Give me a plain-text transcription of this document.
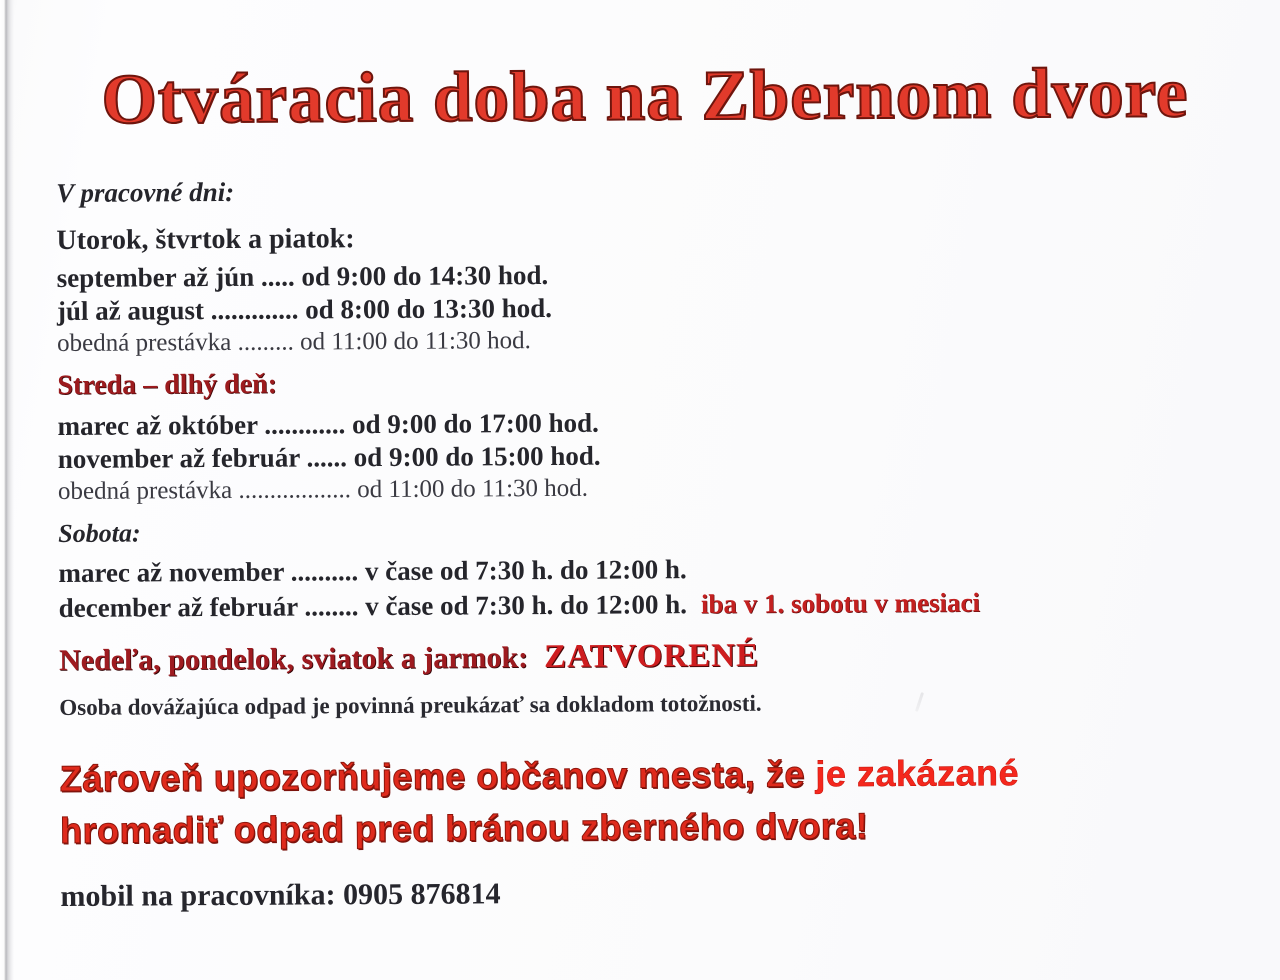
Otváracia doba na Zbernom dvore

V pracovné dni:

Utorok, štvrtok a piatok:

september až jún ..... od 9:00 do 14:30 hod.

júl až august ............. od 8:00 do 13:30 hod.

obedná prestávka ......... od 11:00 do 11:30 hod.

Streda – dlhý deň:

marec až október ............ od 9:00 do 17:00 hod.

november až február ...... od 9:00 do 15:00 hod.

obedná prestávka .................. od 11:00 do 11:30 hod.

Sobota:

marec až november .......... v čase od 7:30 h. do 12:00 h.

december až február ........ v čase od 7:30 h. do 12:00 h. iba v 1. sobotu v mesiaci

Nedeľa, pondelok, sviatok a jarmok: ZATVORENÉ

Osoba dovážajúca odpad je povinná preukázať sa dokladom totožnosti.

Zároveň upozorňujeme občanov mesta, že je zakázané

hromadiť odpad pred bránou zberného dvora!

mobil na pracovníka: 0905 876814
